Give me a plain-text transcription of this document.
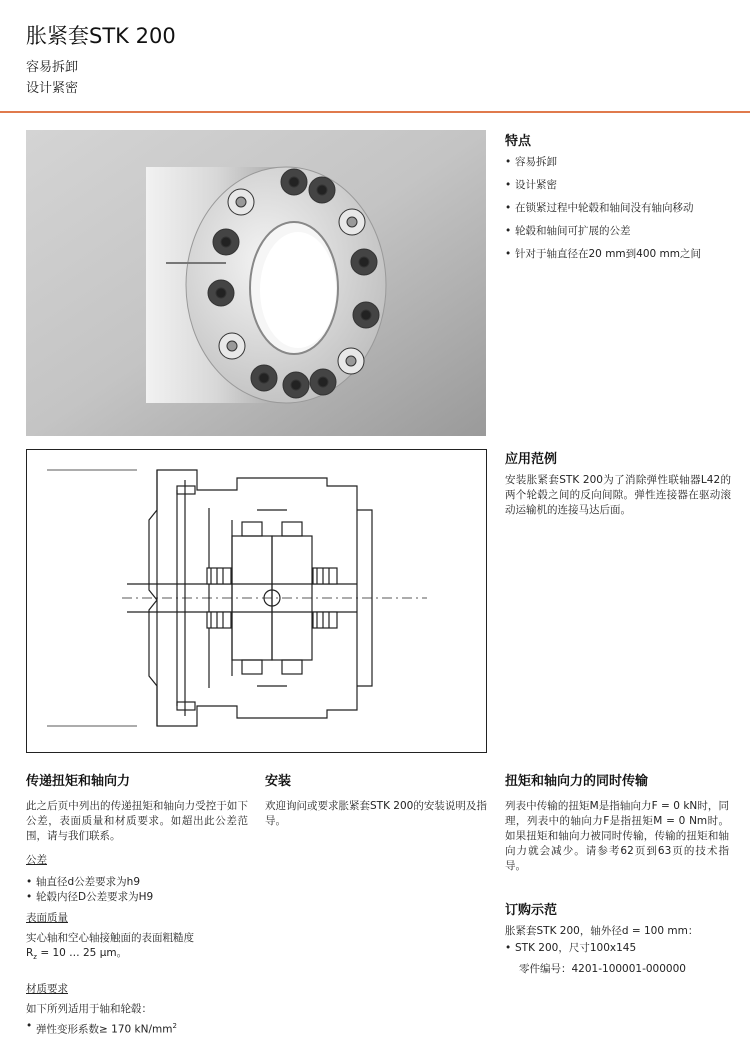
胀紧套STK 200
容易拆卸
设计紧密
特点
• 容易拆卸
• 设计紧密
• 在锁紧过程中轮毂和轴间没有轴向移动
• 轮毂和轴间可扩展的公差
• 针对于轴直径在20 mm到400 mm之间
应用范例

安装胀紧套STK 200为了消除弹性联轴器L42的两个轮毂之间的反向间隙。弹性连接器在驱动滚动运输机的连接马达后面。

传递扭矩和轴向力

此之后页中列出的传递扭矩和轴向力受控于如下公差，表面质量和材质要求。如超出此公差范围，请与我们联系。

公差
• 轴直径d公差要求为h9
• 轮毂内径D公差要求为H9
表面质量

实心轴和空心轴接触面的表面粗糙度

$R_z = 10$ … 25 µm。
材质要求

如下所列适用于轴和轮毂：

• 弹性变形系数≥ 170 $kN/mm^2$
安装

欢迎询问或要求胀紧套STK 200的安装说明及指导。

扭矩和轴向力的同时传输

列表中传输的扭矩M是指轴向力F = 0 kN时，同理，列表中的轴向力F是指扭矩M = 0 Nm时。如果扭矩和轴向力被同时传输，传输的扭矩和轴向力就会减少。请参考62页到63页的技术指导。

订购示范

胀紧套STK 200，轴外径d = 100 mm：

• STK 200，尺寸100x145
零件编号：4201-100001-000000
